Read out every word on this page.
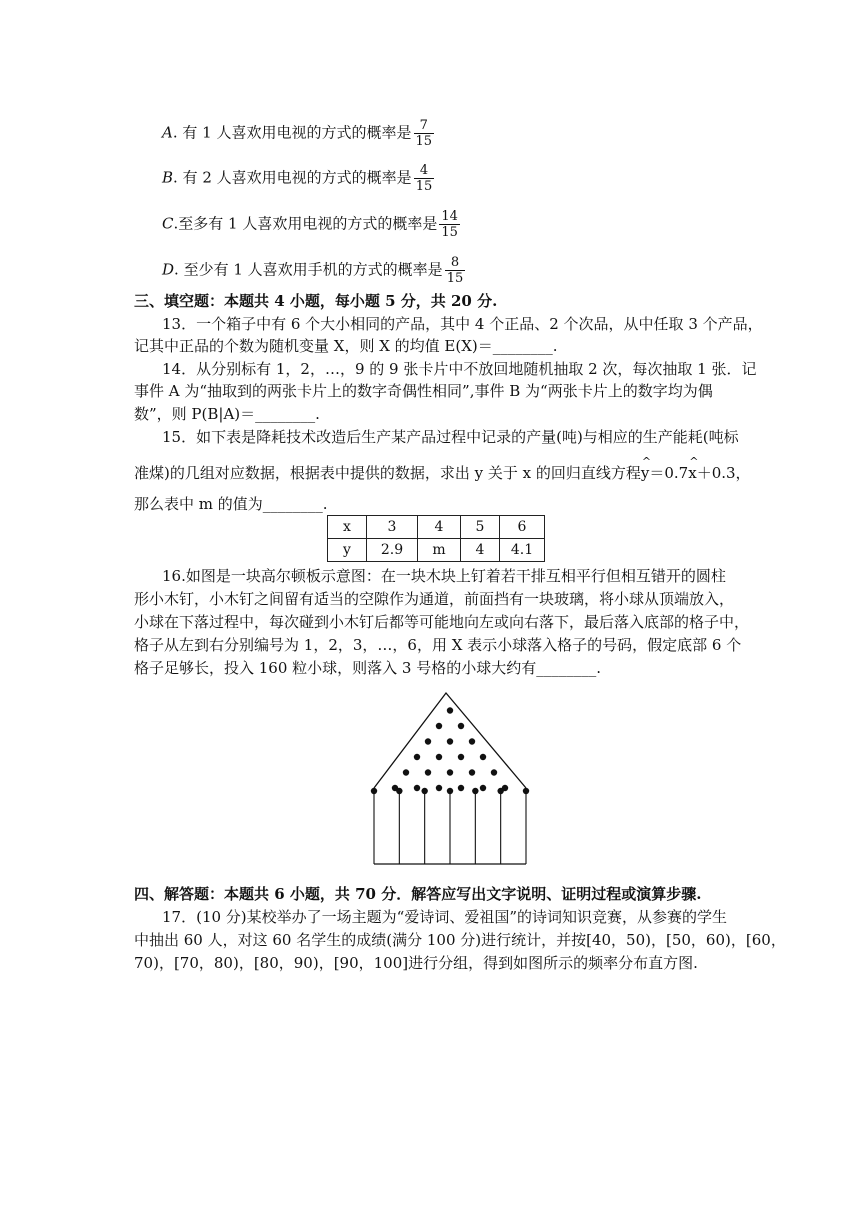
A. 有 1 人喜欢用电视的方式的概率是 $\frac{7}{15}$
B. 有 2 人喜欢用电视的方式的概率是 $\frac{4}{15}$
C.至多有 1 人喜欢用电视的方式的概率是 $\frac{14}{15}$
D. 至少有 1 人喜欢用手机的方式的概率是 $\frac{8}{15}$
三、填空题：本题共 4 小题，每小题 5 分，共 20 分.
13．一个箱子中有 6 个大小相同的产品，其中 4 个正品、2 个次品，从中任取 3 个产品，
记其中正品的个数为随机变量 X，则 X 的均值 E(X)＝________.
14．从分别标有 1，2，…，9 的 9 张卡片中不放回地随机抽取 2 次，每次抽取 1 张．记
事件 A 为“抽取到的两张卡片上的数字奇偶性相同”,事件 B 为“两张卡片上的数字均为偶
数”，则 P(B|A)＝________.
15．如下表是降耗技术改造后生产某产品过程中记录的产量(吨)与相应的生产能耗(吨标
准煤)的几组对应数据，根据表中提供的数据，求出 y 关于 x 的回归直线方程^ y＝0.7^ x＋0.3，
那么表中 m 的值为________.
x	3	4	5	6
y	2.9	m	4	4.1
16.如图是一块高尔顿板示意图：在一块木块上钉着若干排互相平行但相互错开的圆柱
形小木钉，小木钉之间留有适当的空隙作为通道，前面挡有一块玻璃，将小球从顶端放入，
小球在下落过程中，每次碰到小木钉后都等可能地向左或向右落下，最后落入底部的格子中，
格子从左到右分别编号为 1，2，3，…，6，用 X 表示小球落入格子的号码，假定底部 6 个
格子足够长，投入 160 粒小球，则落入 3 号格的小球大约有________.
四、解答题：本题共 6 小题，共 70 分．解答应写出文字说明、证明过程或演算步骤.
17．(10 分)某校举办了一场主题为“爱诗词、爱祖国”的诗词知识竞赛，从参赛的学生
中抽出 60 人，对这 60 名学生的成绩(满分 100 分)进行统计，并按[40，50)，[50，60)，[60，
70)，[70，80)，[80，90)，[90，100]进行分组，得到如图所示的频率分布直方图.
